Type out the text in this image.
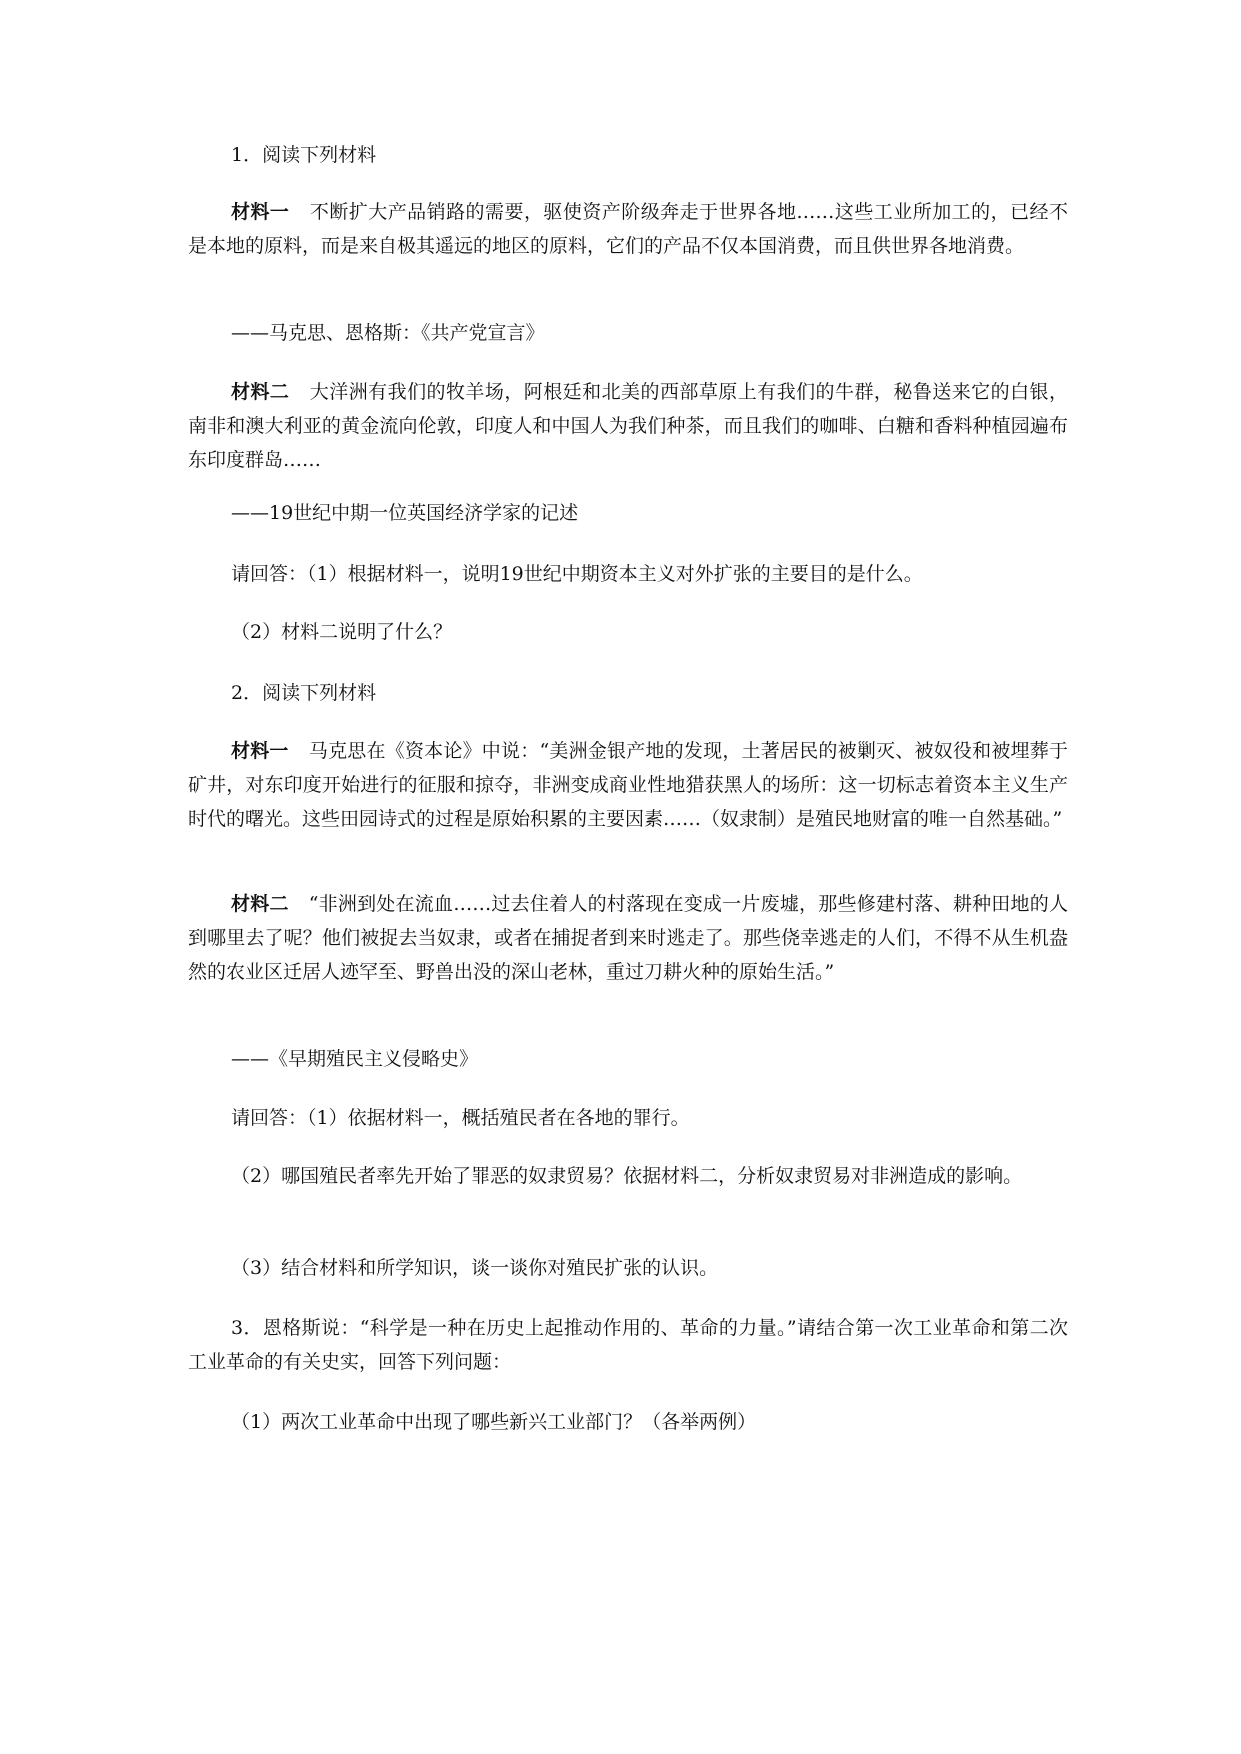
1．阅读下列材料

材料一 不断扩大产品销路的需要，驱使资产阶级奔走于世界各地……这些工业所加工的，已经不是本地的原料，而是来自极其遥远的地区的原料，它们的产品不仅本国消费，而且供世界各地消费。

——马克思、恩格斯：《共产党宣言》

材料二 大洋洲有我们的牧羊场，阿根廷和北美的西部草原上有我们的牛群，秘鲁送来它的白银，南非和澳大利亚的黄金流向伦敦，印度人和中国人为我们种茶，而且我们的咖啡、白糖和香料种植园遍布东印度群岛……

——19世纪中期一位英国经济学家的记述

请回答：（1）根据材料一，说明19世纪中期资本主义对外扩张的主要目的是什么。

（2）材料二说明了什么？

2．阅读下列材料

材料一 马克思在《资本论》中说：“美洲金银产地的发现，土著居民的被剿灭、被奴役和被埋葬于矿井，对东印度开始进行的征服和掠夺，非洲变成商业性地猎获黑人的场所：这一切标志着资本主义生产时代的曙光。这些田园诗式的过程是原始积累的主要因素……（奴隶制）是殖民地财富的唯一自然基础。”

材料二 “非洲到处在流血……过去住着人的村落现在变成一片废墟，那些修建村落、耕种田地的人到哪里去了呢？他们被捉去当奴隶，或者在捕捉者到来时逃走了。那些侥幸逃走的人们，不得不从生机盎然的农业区迁居人迹罕至、野兽出没的深山老林，重过刀耕火种的原始生活。”

——《早期殖民主义侵略史》

请回答：（1）依据材料一，概括殖民者在各地的罪行。

（2）哪国殖民者率先开始了罪恶的奴隶贸易？依据材料二，分析奴隶贸易对非洲造成的影响。

（3）结合材料和所学知识，谈一谈你对殖民扩张的认识。

3．恩格斯说：“科学是一种在历史上起推动作用的、革命的力量。”请结合第一次工业革命和第二次工业革命的有关史实，回答下列问题：

（1）两次工业革命中出现了哪些新兴工业部门？（各举两例）
